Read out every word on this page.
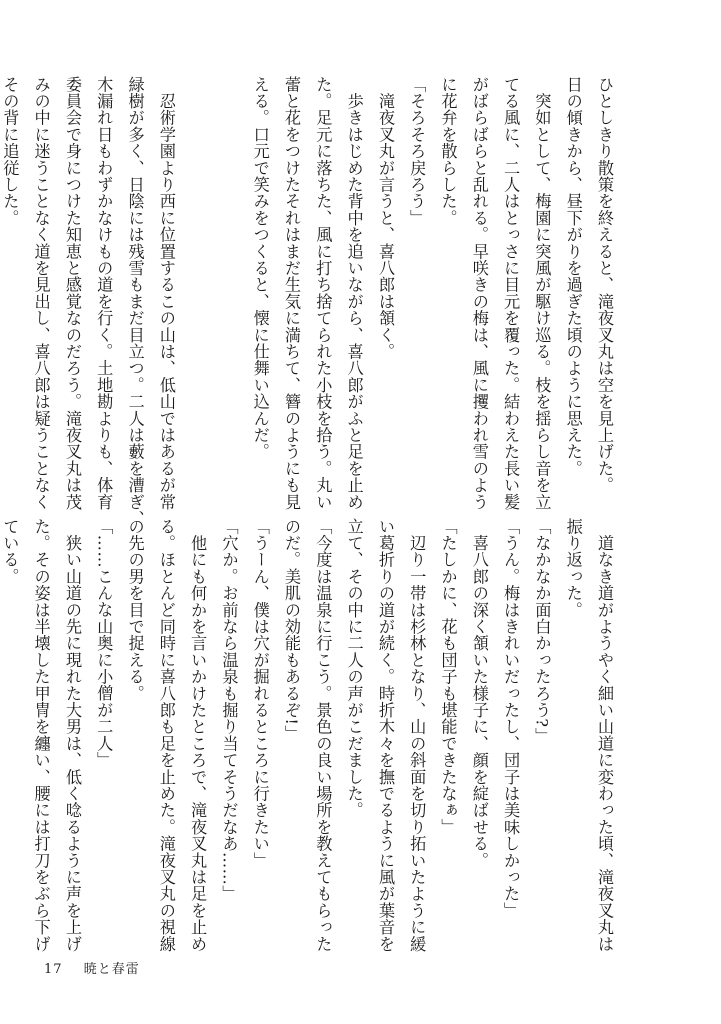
ひとしきり散策を終えると、滝夜叉丸は空を見上げた。
日の傾きから、昼下がりを過ぎた頃のように思えた。
　突如として、梅園に突風が駆け巡る。枝を揺らし音を立
てる風に、二人はとっさに目元を覆った。結わえた長い髪
がばらばらと乱れる。早咲きの梅は、風に攫われ雪のよう
に花弁を散らした。
「そろそろ戻ろう」
　滝夜叉丸が言うと、喜八郎は頷く。
　歩きはじめた背中を追いながら、喜八郎がふと足を止め
た。足元に落ちた、風に打ち捨てられた小枝を拾う。丸い
蕾と花をつけたそれはまだ生気に満ちて、簪のようにも見
える。口元で笑みをつくると、懐に仕舞い込んだ。

　忍術学園より西に位置するこの山は、低山ではあるが常
緑樹が多く、日陰には残雪もまだ目立つ。二人は藪を漕ぎ、
木漏れ日もわずかなけもの道を行く。土地勘よりも、体育
委員会で身につけた知恵と感覚なのだろう。滝夜叉丸は茂
みの中に迷うことなく道を見出し、喜八郎は疑うことなく
その背に追従した。
　道なき道がようやく細い山道に変わった頃、滝夜叉丸は
振り返った。
「なかなか面白かったろう?」
「うん。梅はきれいだったし、団子は美味しかった」
　喜八郎の深く頷いた様子に、顔を綻ばせる。
「たしかに、花も団子も堪能できたなぁ」
　辺り一帯は杉林となり、山の斜面を切り拓いたように緩
い葛折りの道が続く。時折木々を撫でるように風が葉音を
立て、その中に二人の声がこだました。
「今度は温泉に行こう。景色の良い場所を教えてもらった
のだ。美肌の効能もあるぞ!」
「うーん、僕は穴が掘れるところに行きたい」
「穴か。お前なら温泉も掘り当てそうだなあ……」
　他にも何かを言いかけたところで、滝夜叉丸は足を止め
る。ほとんど同時に喜八郎も足を止めた。滝夜叉丸の視線
の先の男を目で捉える。
「……こんな山奥に小僧が二人」
　狭い山道の先に現れた大男は、低く唸るように声を上げ
た。その姿は半壊した甲冑を纏い、腰には打刀をぶら下げ
ている。
17 暁と春雷
